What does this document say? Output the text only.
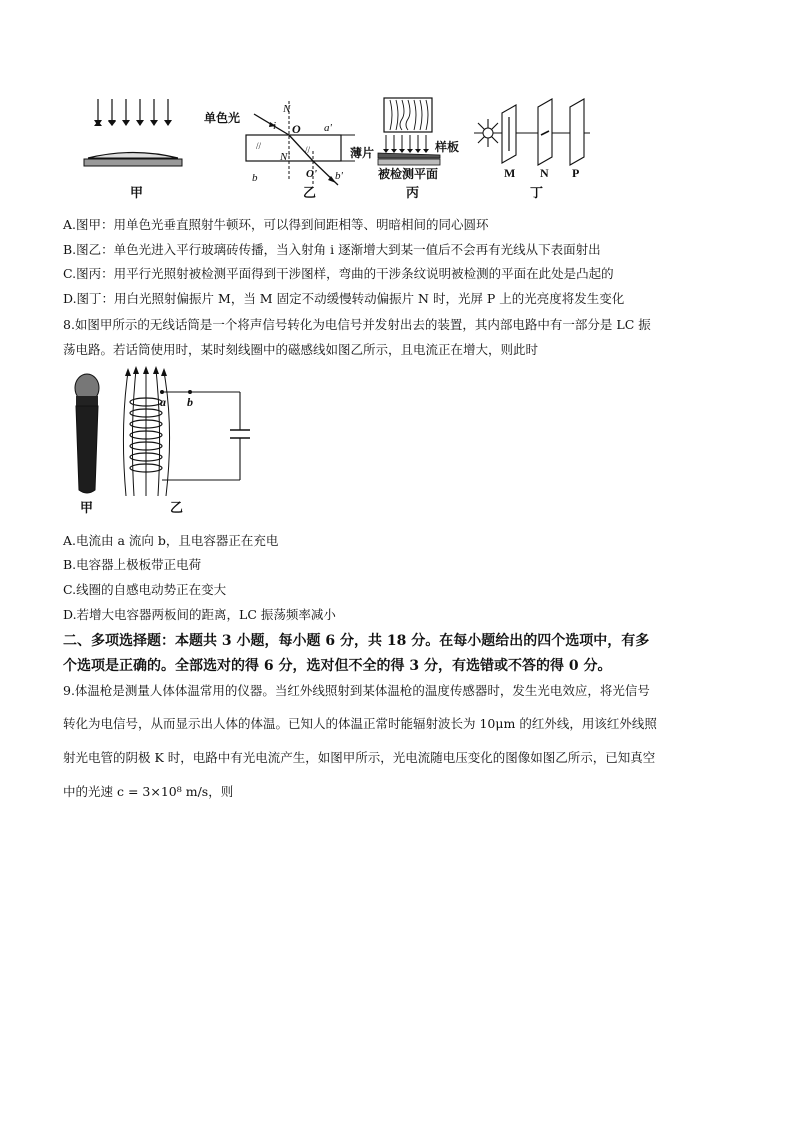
甲
单色光
N
i O
N'
O'
a'
b	b'
//	//
乙
薄片	样板
被检测平面
丙
M N P
丁
A.图甲：用单色光垂直照射牛顿环，可以得到间距相等、明暗相间的同心圆环
B.图乙：单色光进入平行玻璃砖传播，当入射角 i 逐渐增大到某一值后不会再有光线从下表面射出
C.图丙：用平行光照射被检测平面得到干涉图样，弯曲的干涉条纹说明被检测的平面在此处是凸起的
D.图丁：用白光照射偏振片 M，当 M 固定不动缓慢转动偏振片 N 时，光屏 P 上的光亮度将发生变化
8.如图甲所示的无线话筒是一个将声信号转化为电信号并发射出去的装置，其内部电路中有一部分是 LC 振
荡电路。若话筒使用时，某时刻线圈中的磁感线如图乙所示，且电流正在增大，则此时
甲
a b
乙
A.电流由 a 流向 b，且电容器正在充电
B.电容器上极板带正电荷
C.线圈的自感电动势正在变大
D.若增大电容器两板间的距离，LC 振荡频率减小
二、多项选择题：本题共 3 小题，每小题 6 分，共 18 分。在每小题给出的四个选项中，有多
个选项是正确的。全部选对的得 6 分，选对但不全的得 3 分，有选错或不答的得 0 分。
9.体温枪是测量人体体温常用的仪器。当红外线照射到某体温枪的温度传感器时，发生光电效应，将光信号
转化为电信号，从而显示出人体的体温。已知人的体温正常时能辐射波长为 10μm 的红外线，用该红外线照
射光电管的阴极 K 时，电路中有光电流产生，如图甲所示，光电流随电压变化的图像如图乙所示，已知真空
中的光速 c = 3×10⁸ m/s，则
